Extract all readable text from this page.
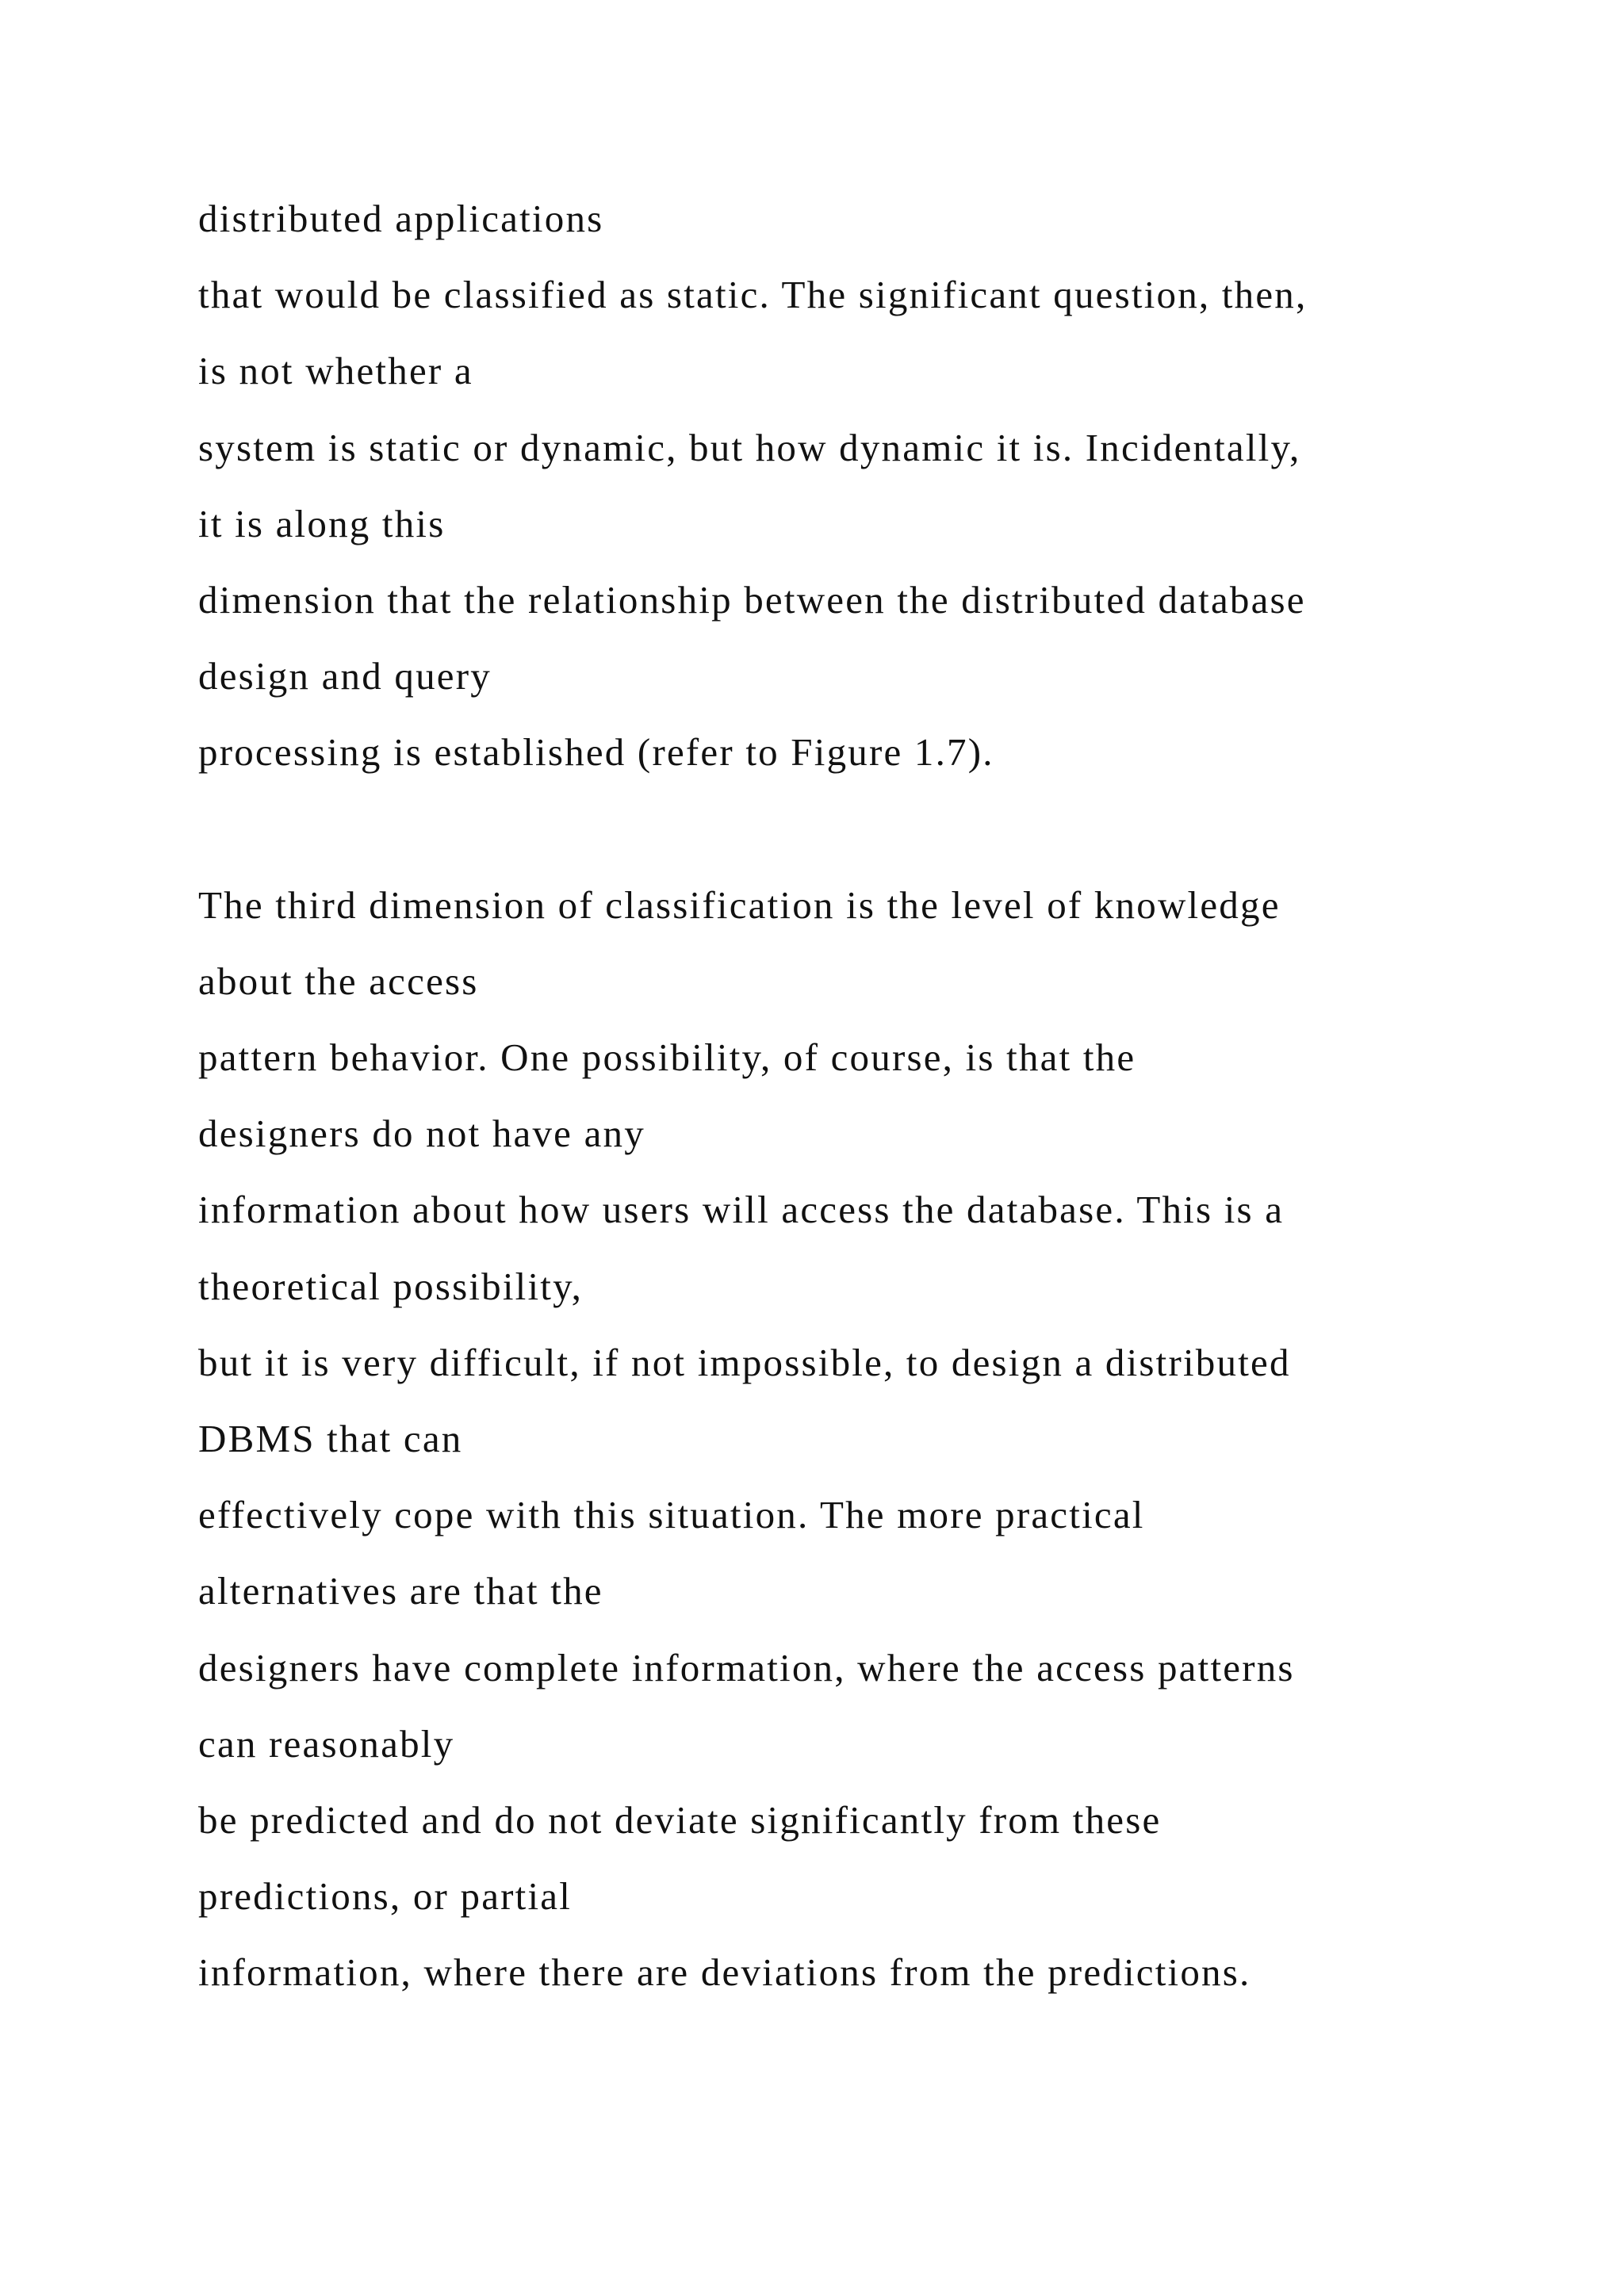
distributed applications
that would be classified as static. The significant question, then,
is not whether a
system is static or dynamic, but how dynamic it is. Incidentally,
it is along this
dimension that the relationship between the distributed database
design and query
processing is established (refer to Figure 1.7).
The third dimension of classification is the level of knowledge
about the access
pattern behavior. One possibility, of course, is that the
designers do not have any
information about how users will access the database. This is a
theoretical possibility,
but it is very difficult, if not impossible, to design a distributed
DBMS that can
effectively cope with this situation. The more practical
alternatives are that the
designers have complete information, where the access patterns
can reasonably
be predicted and do not deviate significantly from these
predictions, or partial
information, where there are deviations from the predictions.
